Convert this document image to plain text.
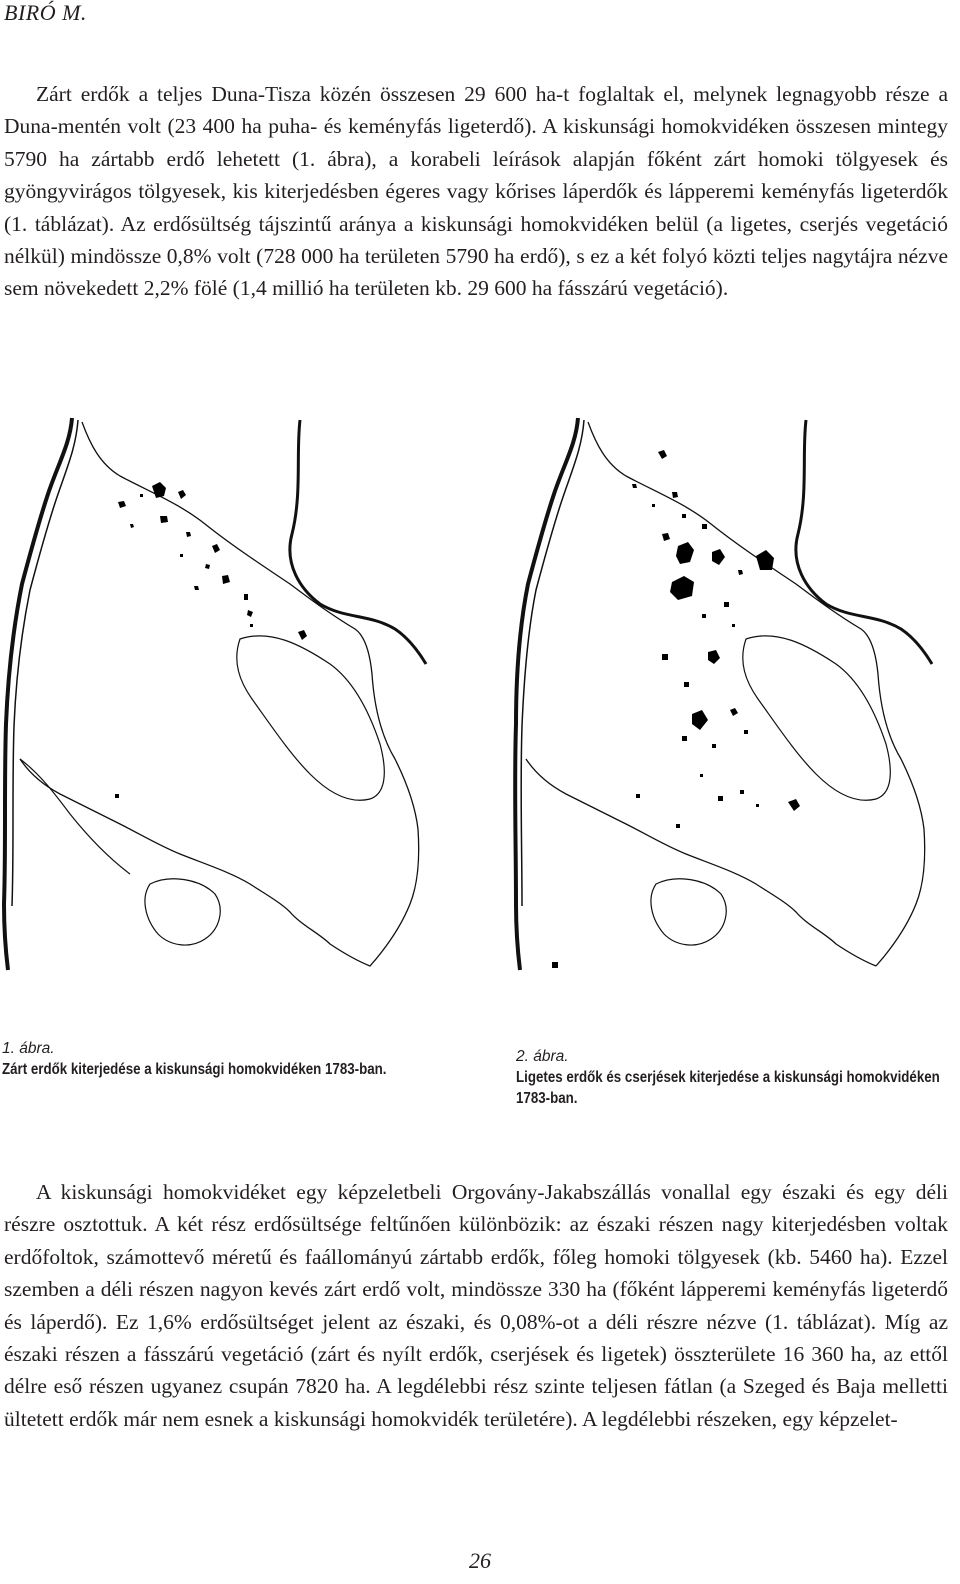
BIRÓ M.

Zárt erdők a teljes Duna-Tisza közén összesen 29 600 ha-t foglaltak el, melynek legnagyobb része a Duna-mentén volt (23 400 ha puha- és keményfás ligeterdő). A kiskunsági homokvidéken összesen mintegy 5790 ha zártabb erdő lehetett (1. ábra), a korabeli leírások alapján főként zárt homoki tölgyesek és gyöngyvirágos tölgyesek, kis kiterjedésben égeres vagy kőrises láperdők és lápperemi keményfás ligeterdők (1. táblázat). Az erdősültség tájszintű aránya a kiskunsági homokvidéken belül (a ligetes, cserjés vegetáció nélkül) mindössze 0,8% volt (728 000 ha területen 5790 ha erdő), s ez a két folyó közti teljes nagytájra nézve sem növekedett 2,2% fölé (1,4 millió ha területen kb. 29 600 ha fásszárú vegetáció).

1. ábra.
Zárt erdők kiterjedése a kiskunsági homokvidéken 1783-ban.
2. ábra.
Ligetes erdők és cserjések kiterjedése a kiskunsági homokvidéken 1783-ban.

A kiskunsági homokvidéket egy képzeletbeli Orgovány-Jakabszállás vonallal egy északi és egy déli részre osztottuk. A két rész erdősültsége feltűnően különbözik: az északi részen nagy kiterjedésben voltak erdőfoltok, számottevő méretű és faállományú zártabb erdők, főleg homoki tölgyesek (kb. 5460 ha). Ezzel szemben a déli részen nagyon kevés zárt erdő volt, mindössze 330 ha (főként lápperemi keményfás ligeterdő és láperdő). Ez 1,6% erdősültséget jelent az északi, és 0,08%-ot a déli részre nézve (1. táblázat). Míg az északi részen a fásszárú vegetáció (zárt és nyílt erdők, cserjések és ligetek) összterülete 16 360 ha, az ettől délre eső részen ugyanez csupán 7820 ha. A legdélebbi rész szinte teljesen fátlan (a Szeged és Baja melletti ültetett erdők már nem esnek a kiskunsági homokvidék területére). A legdélebbi részeken, egy képzelet-

26
